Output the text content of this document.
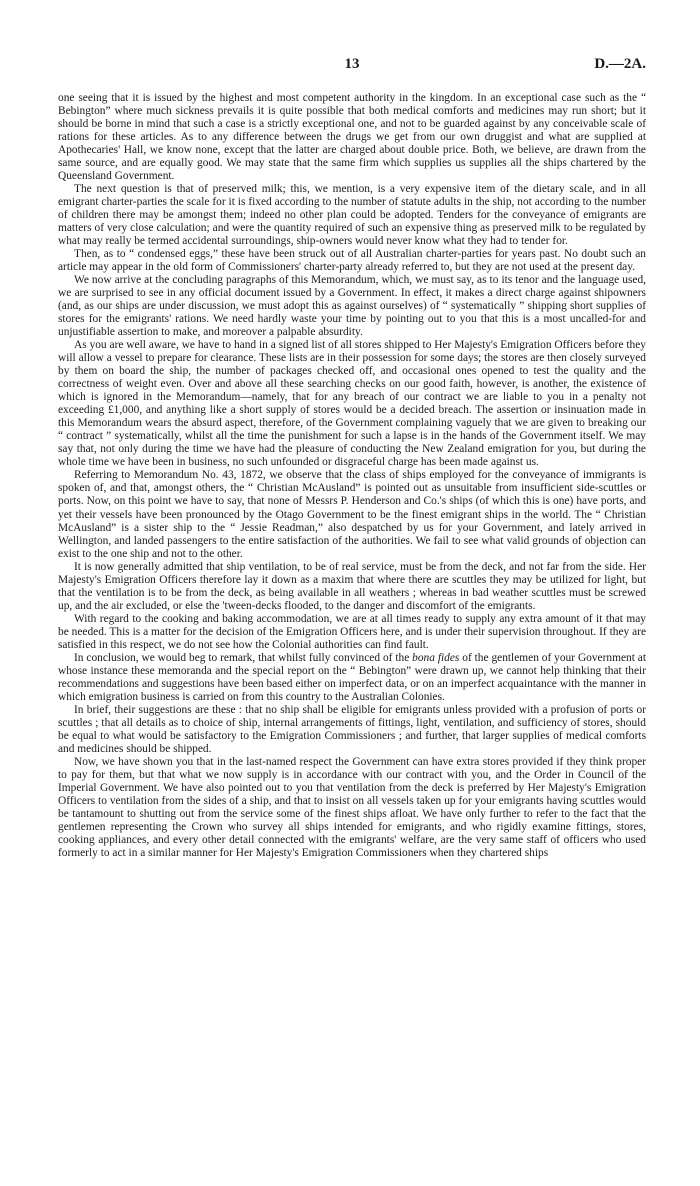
13	D.—2A.

one seeing that it is issued by the highest and most competent authority in the kingdom. In an exceptional case such as the “ Bebington” where much sickness prevails it is quite possible that both medical comforts and medicines may run short; but it should be borne in mind that such a case is a strictly exceptional one, and not to be guarded against by any conceivable scale of rations for these articles. As to any difference between the drugs we get from our own druggist and what are supplied at Apothecaries' Hall, we know none, except that the latter are charged about double price. Both, we believe, are drawn from the same source, and are equally good. We may state that the same firm which supplies us supplies all the ships chartered by the Queensland Government.

The next question is that of preserved milk; this, we mention, is a very expensive item of the dietary scale, and in all emigrant charter-parties the scale for it is fixed according to the number of statute adults in the ship, not according to the number of children there may be amongst them; indeed no other plan could be adopted. Tenders for the conveyance of emigrants are matters of very close calculation; and were the quantity required of such an expensive thing as preserved milk to be regulated by what may really be termed accidental surroundings, ship-owners would never know what they had to tender for.

Then, as to “ condensed eggs,” these have been struck out of all Australian charter-parties for years past. No doubt such an article may appear in the old form of Commissioners' charter-party already referred to, but they are not used at the present day.

We now arrive at the concluding paragraphs of this Memorandum, which, we must say, as to its tenor and the language used, we are surprised to see in any official document issued by a Government. In effect, it makes a direct charge against shipowners (and, as our ships are under discussion, we must adopt this as against ourselves) of “ systematically ” shipping short supplies of stores for the emigrants' rations. We need hardly waste your time by pointing out to you that this is a most uncalled-for and unjustifiable assertion to make, and moreover a palpable absurdity.

As you are well aware, we have to hand in a signed list of all stores shipped to Her Majesty's Emigration Officers before they will allow a vessel to prepare for clearance. These lists are in their possession for some days; the stores are then closely surveyed by them on board the ship, the number of packages checked off, and occasional ones opened to test the quality and the correctness of weight even. Over and above all these searching checks on our good faith, however, is another, the existence of which is ignored in the Memorandum—namely, that for any breach of our contract we are liable to you in a penalty not exceeding £1,000, and anything like a short supply of stores would be a decided breach. The assertion or insinuation made in this Memorandum wears the absurd aspect, therefore, of the Government complaining vaguely that we are given to breaking our “ contract ” systematically, whilst all the time the punishment for such a lapse is in the hands of the Government itself. We may say that, not only during the time we have had the pleasure of conducting the New Zealand emigration for you, but during the whole time we have been in business, no such unfounded or disgraceful charge has been made against us.

Referring to Memorandum No. 43, 1872, we observe that the class of ships employed for the conveyance of immigrants is spoken of, and that, amongst others, the “ Christian McAusland” is pointed out as unsuitable from insufficient side-scuttles or ports. Now, on this point we have to say, that none of Messrs P. Henderson and Co.'s ships (of which this is one) have ports, and yet their vessels have been pronounced by the Otago Government to be the finest emigrant ships in the world. The “ Christian McAusland” is a sister ship to the “ Jessie Readman,” also despatched by us for your Government, and lately arrived in Wellington, and landed passengers to the entire satisfaction of the authorities. We fail to see what valid grounds of objection can exist to the one ship and not to the other.

It is now generally admitted that ship ventilation, to be of real service, must be from the deck, and not far from the side. Her Majesty's Emigration Officers therefore lay it down as a maxim that where there are scuttles they may be utilized for light, but that the ventilation is to be from the deck, as being available in all weathers ; whereas in bad weather scuttles must be screwed up, and the air excluded, or else the 'tween-decks flooded, to the danger and discomfort of the emigrants.

With regard to the cooking and baking accommodation, we are at all times ready to supply any extra amount of it that may be needed. This is a matter for the decision of the Emigration Officers here, and is under their supervision throughout. If they are satisfied in this respect, we do not see how the Colonial authorities can find fault.

In conclusion, we would beg to remark, that whilst fully convinced of the bona fides of the gentlemen of your Government at whose instance these memoranda and the special report on the “ Bebington” were drawn up, we cannot help thinking that their recommendations and suggestions have been based either on imperfect data, or on an imperfect acquaintance with the manner in which emigration business is carried on from this country to the Australian Colonies.

In brief, their suggestions are these : that no ship shall be eligible for emigrants unless provided with a profusion of ports or scuttles ; that all details as to choice of ship, internal arrangements of fittings, light, ventilation, and sufficiency of stores, should be equal to what would be satisfactory to the Emigration Commissioners ; and further, that larger supplies of medical comforts and medicines should be shipped.

Now, we have shown you that in the last-named respect the Government can have extra stores provided if they think proper to pay for them, but that what we now supply is in accordance with our contract with you, and the Order in Council of the Imperial Government. We have also pointed out to you that ventilation from the deck is preferred by Her Majesty's Emigration Officers to ventilation from the sides of a ship, and that to insist on all vessels taken up for your emigrants having scuttles would be tantamount to shutting out from the service some of the finest ships afloat. We have only further to refer to the fact that the gentlemen representing the Crown who survey all ships intended for emigrants, and who rigidly examine fittings, stores, cooking appliances, and every other detail connected with the emigrants' welfare, are the very same staff of officers who used formerly to act in a similar manner for Her Majesty's Emigration Commissioners when they chartered ships
